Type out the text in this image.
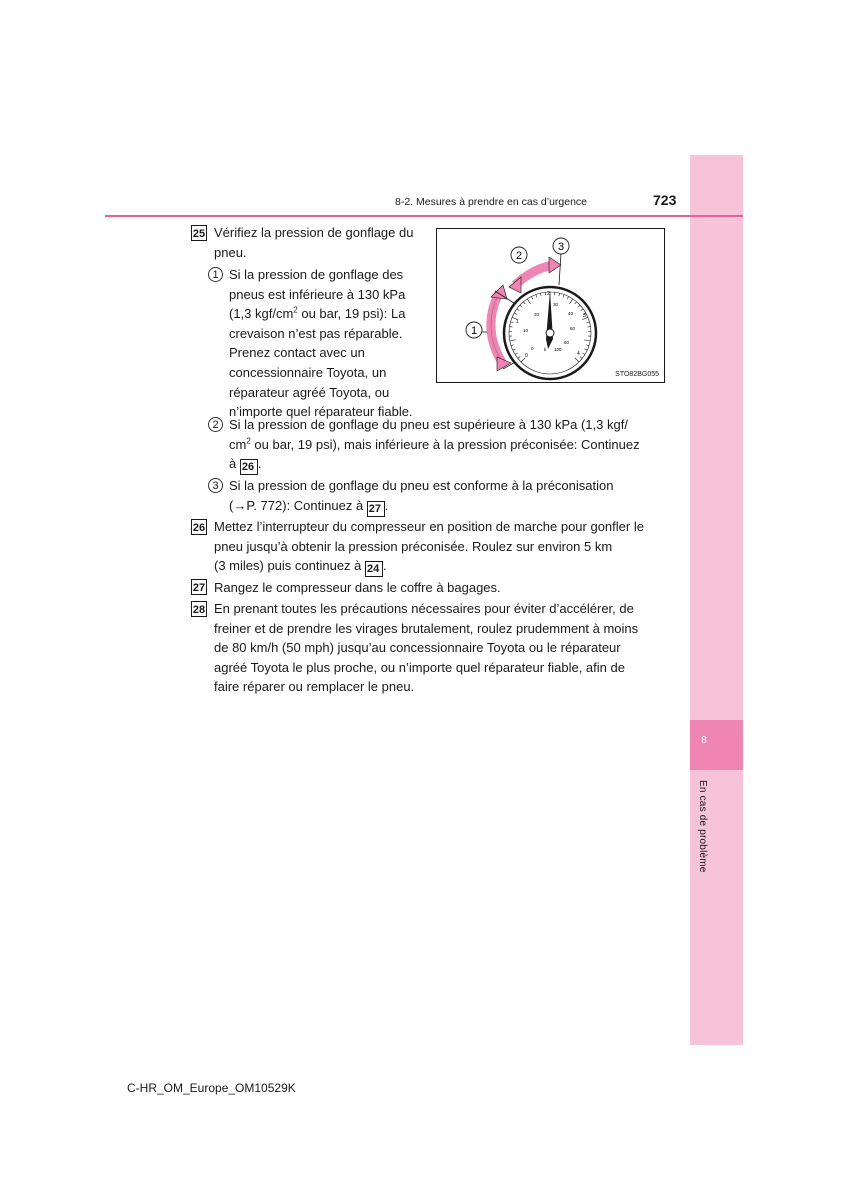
8
En cas de problème
8-2. Mesures à prendre en cas d’urgence	723
25 Vérifiez la pression de gonflage du
pneu.
1 Si la pression de gonflage des
pneus est inférieure à 130 kPa
(1,3 kgf/$cm^2$ ou bar, 19 psi): La
crevaison n’est pas réparable.
Prenez contact avec un
concessionnaire Toyota, un
réparateur agréé Toyota, ou
n’importe quel réparateur fiable.
0
1
2
3
4
0
10
20
30
40
50
60
100
k
1
2
3
STO82BG055
2 Si la pression de gonflage du pneu est supérieure à 130 kPa (1,3 kgf/
$cm^2$ ou bar, 19 psi), mais inférieure à la pression préconisée: Continuez
à 26 .
3 Si la pression de gonflage du pneu est conforme à la préconisation
(→P. 772): Continuez à 27 .
26 Mettez l’interrupteur du compresseur en position de marche pour gonfler le
pneu jusqu’à obtenir la pression préconisée. Roulez sur environ 5 km
(3 miles) puis continuez à 24 .
27 Rangez le compresseur dans le coffre à bagages.
28 En prenant toutes les précautions nécessaires pour éviter d’accélérer, de
freiner et de prendre les virages brutalement, roulez prudemment à moins
de 80 km/h (50 mph) jusqu’au concessionnaire Toyota ou le réparateur
agréé Toyota le plus proche, ou n’importe quel réparateur fiable, afin de
faire réparer ou remplacer le pneu.
C-HR_OM_Europe_OM10529K
